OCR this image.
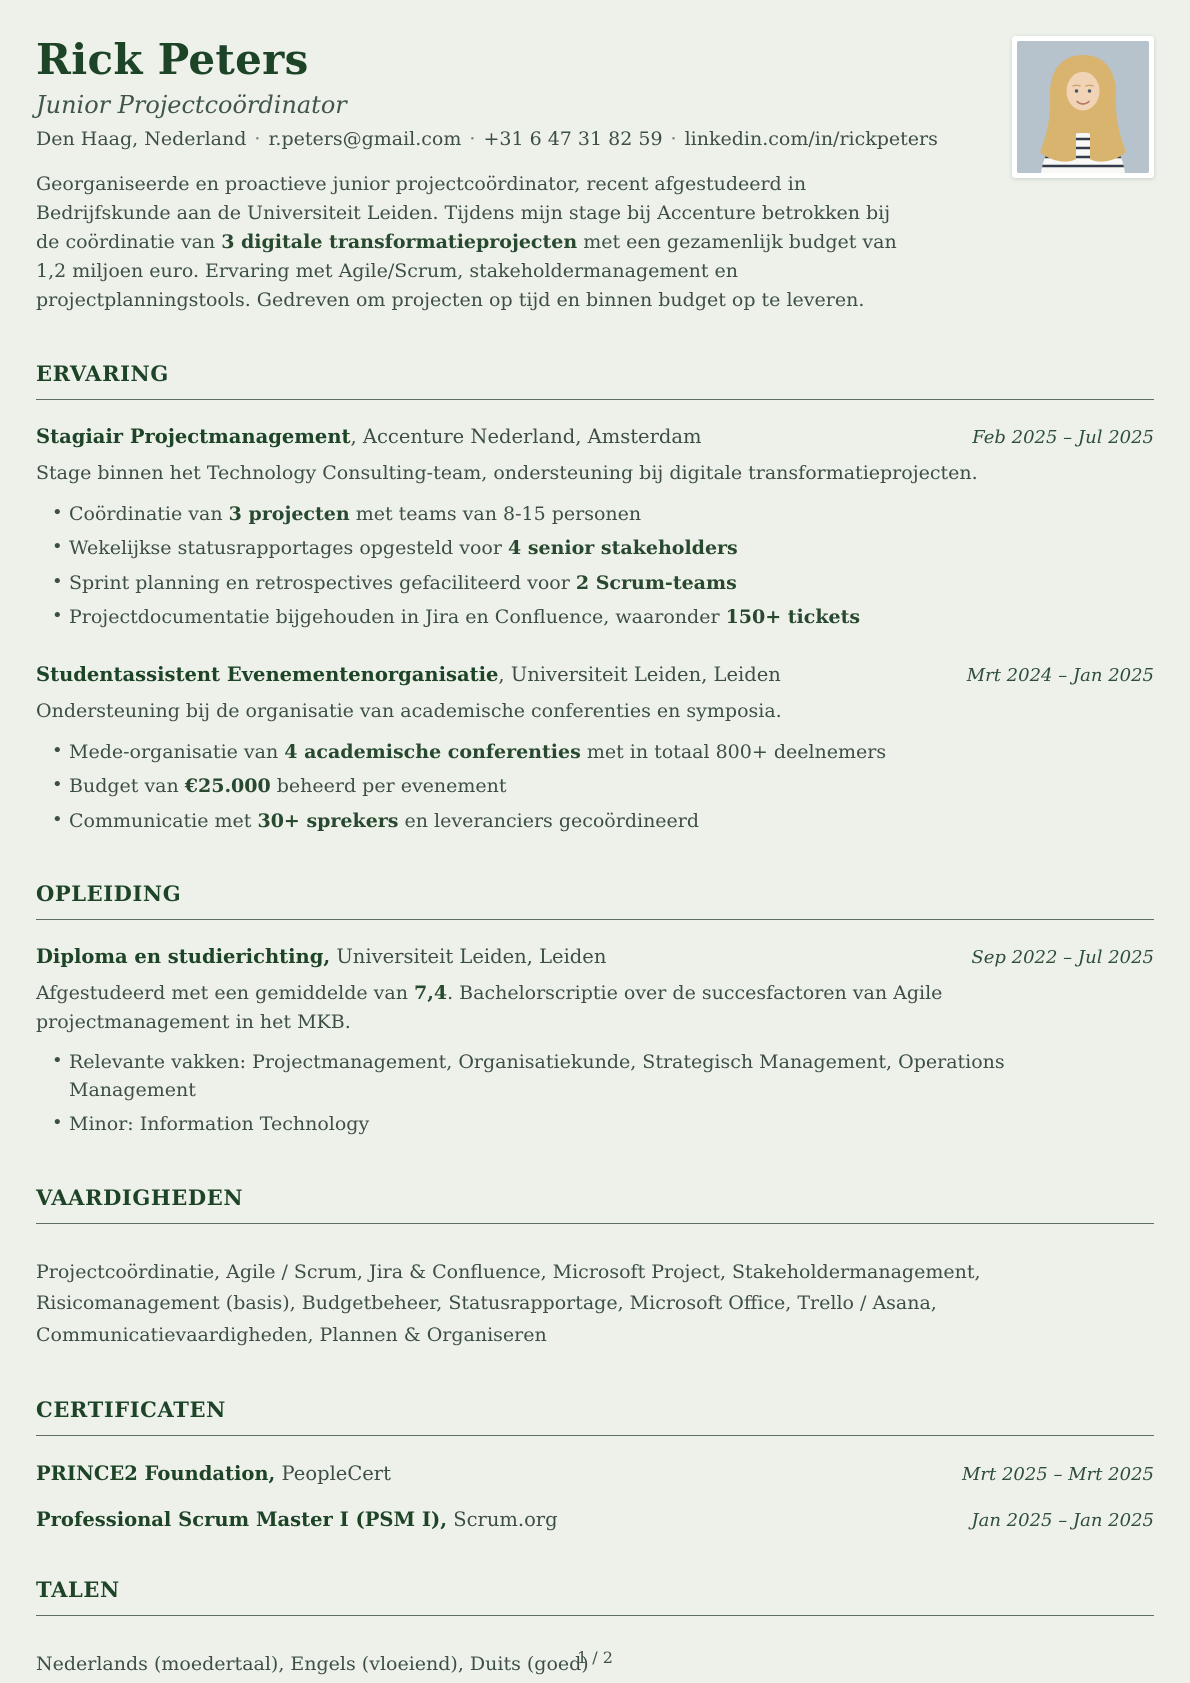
Rick Peters
Junior Projectcoördinator
Den Haag, Nederland · r.peters@gmail.com · +31 6 47 31 82 59 · linkedin.com/in/rickpeters

Georganiseerde en proactieve junior projectcoördinator, recent afgestudeerd in Bedrijfskunde aan de Universiteit Leiden. Tijdens mijn stage bij Accenture betrokken bij de coördinatie van 3 digitale transformatieprojecten met een gezamenlijk budget van 1,2 miljoen euro. Ervaring met Agile/Scrum, stakeholdermanagement en projectplanningstools. Gedreven om projecten op tijd en binnen budget op te leveren.

ERVARING
Stagiair Projectmanagement, Accenture Nederland, Amsterdam	Feb 2025 – Jul 2025

Stage binnen het Technology Consulting-team, ondersteuning bij digitale transformatieprojecten.

• Coördinatie van 3 projecten met teams van 8-15 personen
• Wekelijkse statusrapportages opgesteld voor 4 senior stakeholders
• Sprint planning en retrospectives gefaciliteerd voor 2 Scrum-teams
• Projectdocumentatie bijgehouden in Jira en Confluence, waaronder 150+ tickets
Studentassistent Evenementenorganisatie, Universiteit Leiden, Leiden	Mrt 2024 – Jan 2025

Ondersteuning bij de organisatie van academische conferenties en symposia.

• Mede-organisatie van 4 academische conferenties met in totaal 800+ deelnemers
• Budget van €25.000 beheerd per evenement
• Communicatie met 30+ sprekers en leveranciers gecoördineerd
OPLEIDING
Diploma en studierichting, Universiteit Leiden, Leiden	Sep 2022 – Jul 2025

Afgestudeerd met een gemiddelde van 7,4. Bachelorscriptie over de succesfactoren van Agile projectmanagement in het MKB.

• Relevante vakken: Projectmanagement, Organisatiekunde, Strategisch Management, Operations Management
• Minor: Information Technology
VAARDIGHEDEN

Projectcoördinatie, Agile / Scrum, Jira & Confluence, Microsoft Project, Stakeholdermanagement, Risicomanagement (basis), Budgetbeheer, Statusrapportage, Microsoft Office, Trello / Asana, Communicatievaardigheden, Plannen & Organiseren

CERTIFICATEN
PRINCE2 Foundation, PeopleCert	Mrt 2025 – Mrt 2025
Professional Scrum Master I (PSM I), Scrum.org	Jan 2025 – Jan 2025
TALEN

Nederlands (moedertaal), Engels (vloeiend), Duits (goed)

1 / 2
